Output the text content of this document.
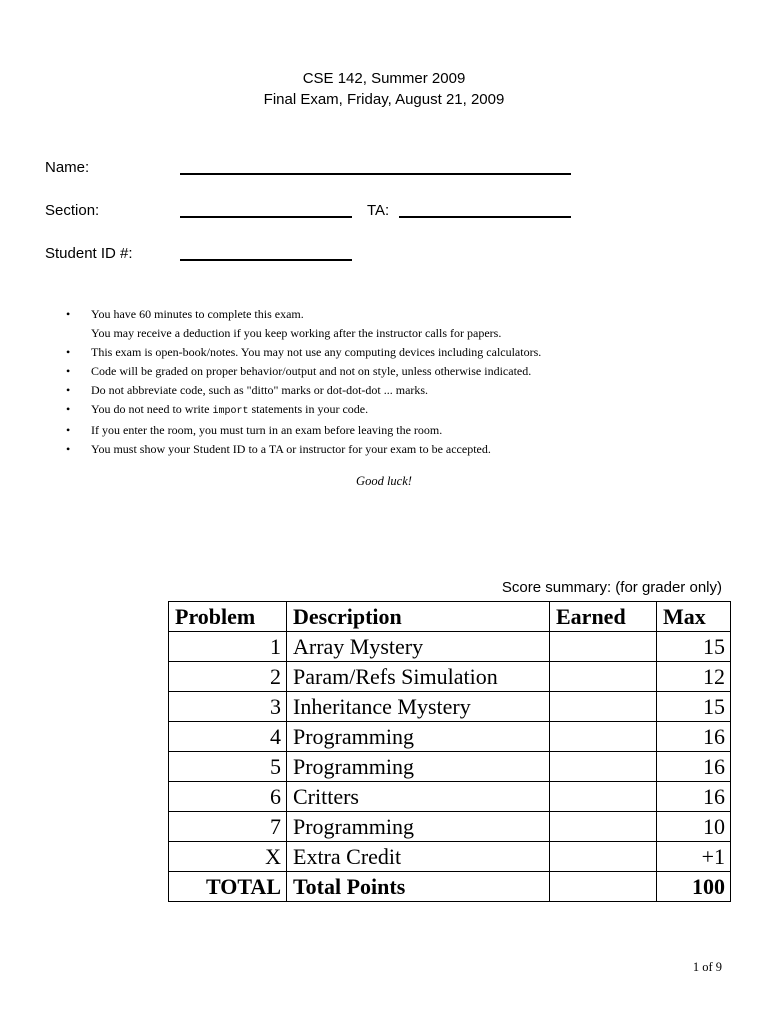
CSE 142, Summer 2009
Final Exam, Friday, August 21, 2009
Name:
Section:	TA:
Student ID #:
• You have 60 minutes to complete this exam.
You may receive a deduction if you keep working after the instructor calls for papers.
• This exam is open-book/notes. You may not use any computing devices including calculators.
• Code will be graded on proper behavior/output and not on style, unless otherwise indicated.
• Do not abbreviate code, such as "ditto" marks or dot-dot-dot ... marks.
• You do not need to write import statements in your code.
• If you enter the room, you must turn in an exam before leaving the room.
• You must show your Student ID to a TA or instructor for your exam to be accepted.
Good luck!
Score summary: (for grader only)
Problem	Description	Earned	Max
1	Array Mystery		15
2	Param/Refs Simulation		12
3	Inheritance Mystery		15
4	Programming		16
5	Programming		16
6	Critters		16
7	Programming		10
X	Extra Credit		+1
TOTAL	Total Points		100
1 of 9
